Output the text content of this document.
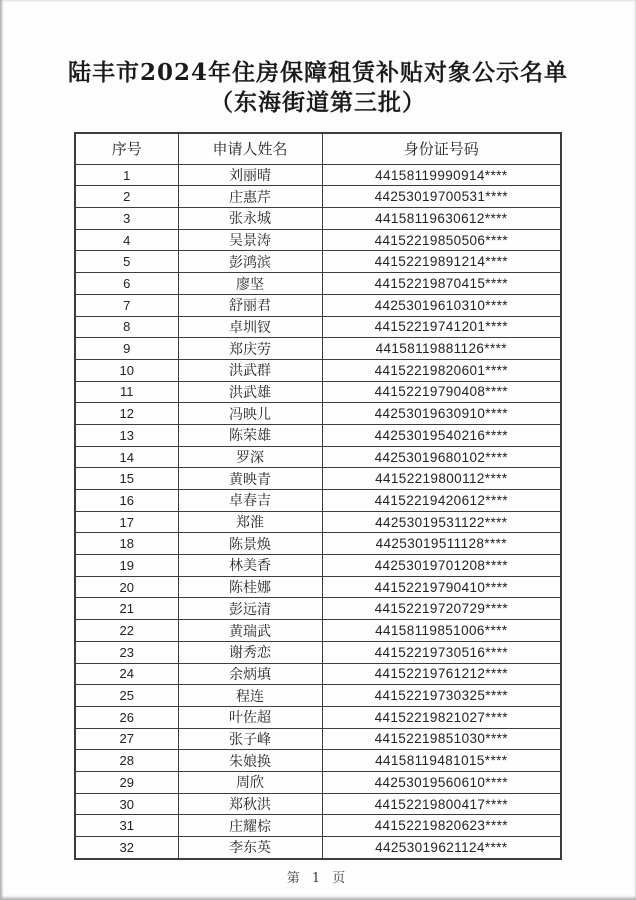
陆丰市2024年住房保障租赁补贴对象公示名单
（东海街道第三批）
序号	申请人姓名	身份证号码
1	刘丽晴	44158119990914****
2	庄惠芹	44253019700531****
3	张永城	44158119630612****
4	吴景涛	44152219850506****
5	彭鸿滨	44152219891214****
6	廖坚	44152219870415****
7	舒丽君	44253019610310****
8	卓圳钗	44152219741201****
9	郑庆劳	44158119881126****
10	洪武群	44152219820601****
11	洪武雄	44152219790408****
12	冯映儿	44253019630910****
13	陈荣雄	44253019540216****
14	罗深	44253019680102****
15	黄映青	44152219800112****
16	卓春吉	44152219420612****
17	郑淮	44253019531122****
18	陈景焕	44253019511128****
19	林美香	44253019701208****
20	陈桂娜	44152219790410****
21	彭远清	44152219720729****
22	黄瑞武	44158119851006****
23	谢秀恋	44152219730516****
24	余炳填	44152219761212****
25	程连	44152219730325****
26	叶佐超	44152219821027****
27	张子峰	44152219851030****
28	朱娘换	44158119481015****
29	周欣	44253019560610****
30	郑秋洪	44152219800417****
31	庄耀棕	44152219820623****
32	李东英	44253019621124****
第 1 页
